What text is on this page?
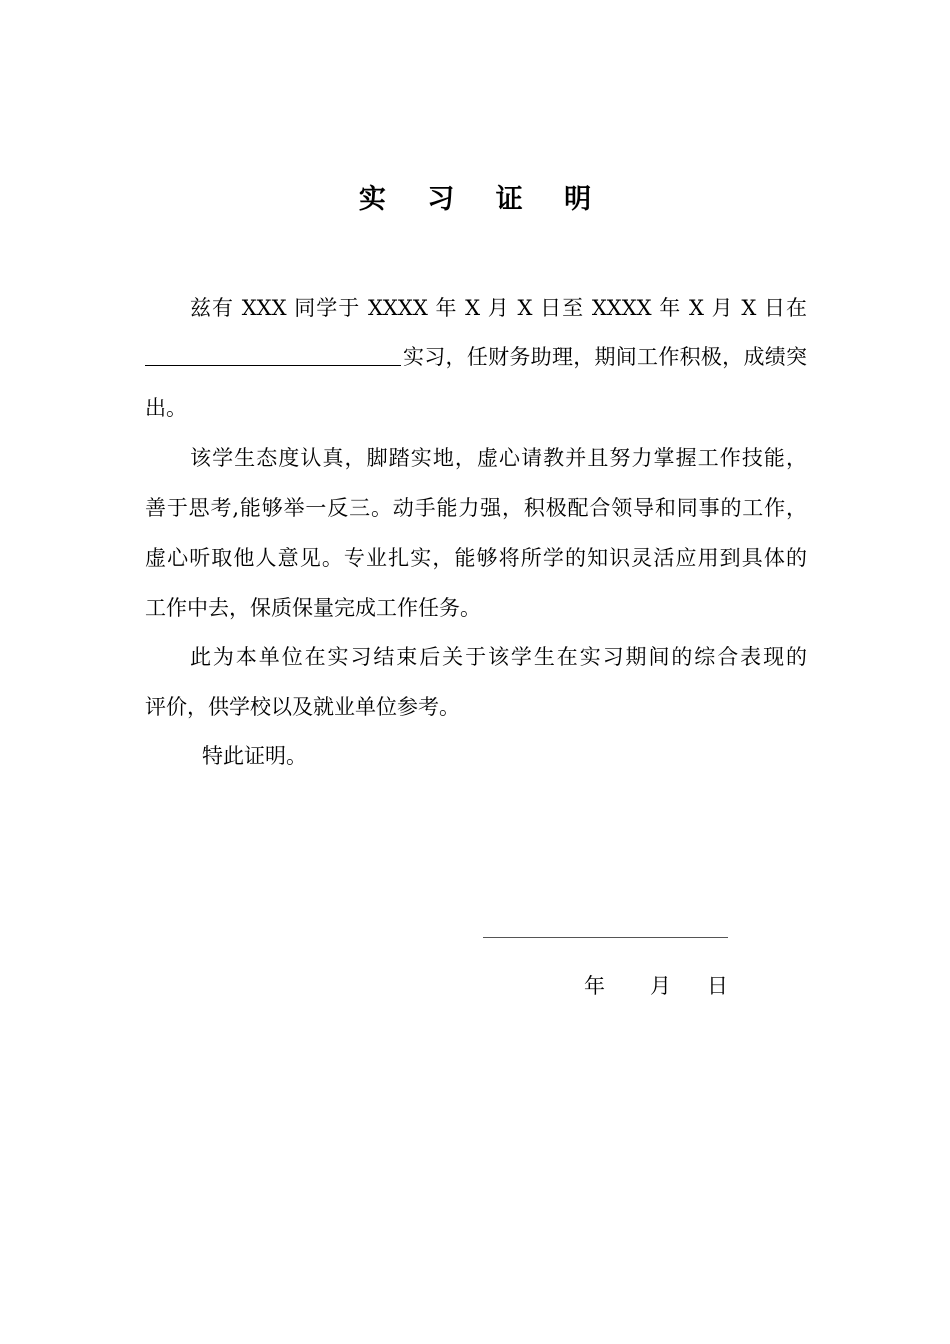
实 习 证 明
兹有 XXX 同学于 XXXX 年 X 月 X 日至 XXXX 年 X 月 X 日在
实习，任财务助理，期间工作积极，成绩突
出。
该学生态度认真，脚踏实地，虚心请教并且努力掌握工作技能，
善于思考,能够举一反三。动手能力强，积极配合领导和同事的工作，
虚心听取他人意见。专业扎实，能够将所学的知识灵活应用到具体的
工作中去，保质保量完成工作任务。
此为本单位在实习结束后关于该学生在实习期间的综合表现的
评价，供学校以及就业单位参考。
特此证明。
年 月 日
